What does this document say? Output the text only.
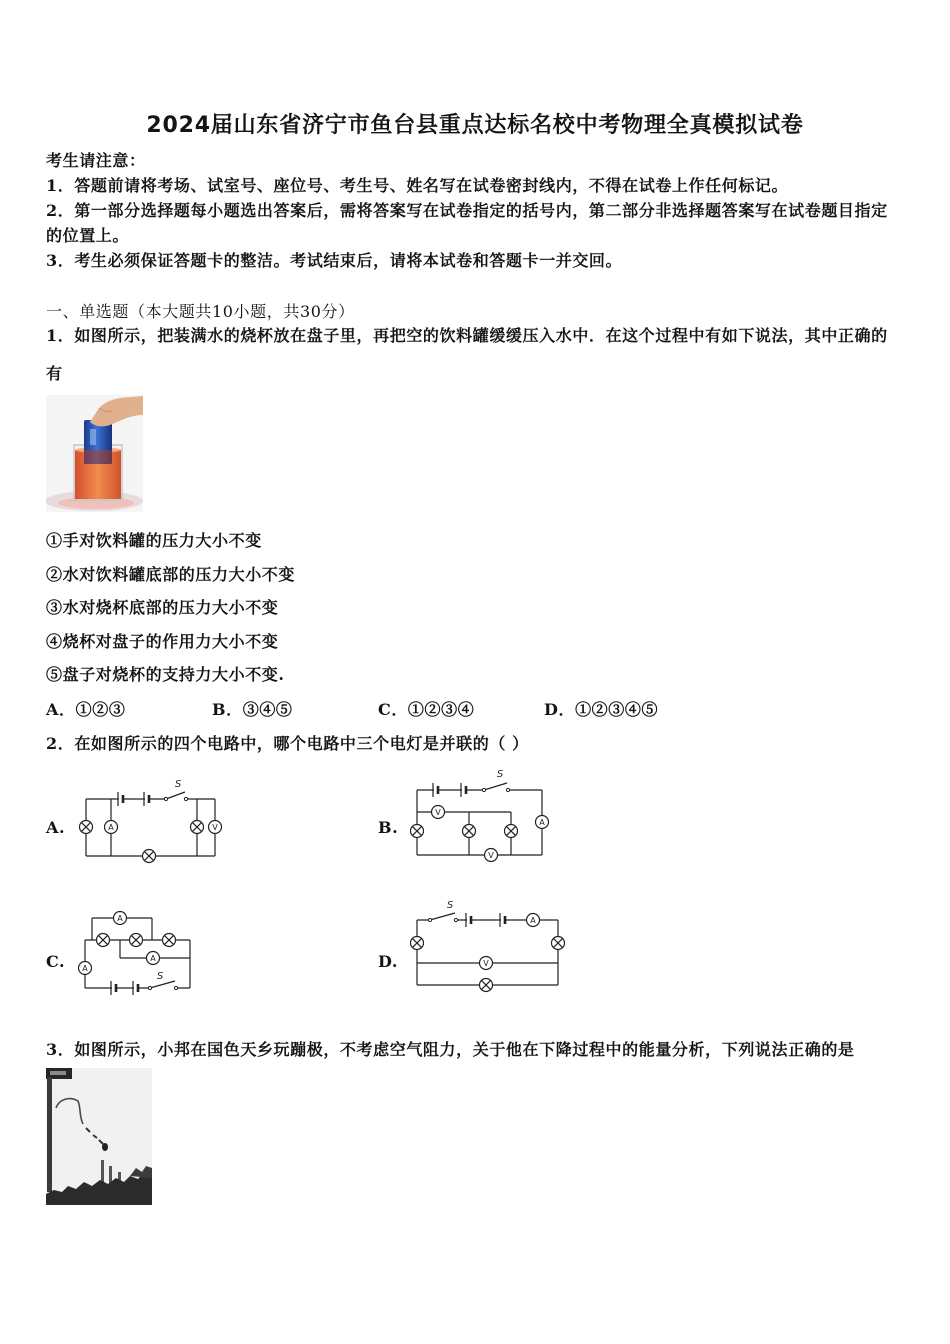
2024届山东省济宁市鱼台县重点达标名校中考物理全真模拟试卷
考生请注意：
1．答题前请将考场、试室号、座位号、考生号、姓名写在试卷密封线内，不得在试卷上作任何标记。
2．第一部分选择题每小题选出答案后，需将答案写在试卷指定的括号内，第二部分非选择题答案写在试卷题目指定的位置上。
3．考生必须保证答题卡的整洁。考试结束后，请将本试卷和答题卡一并交回。
一、单选题（本大题共10小题，共30分）
1．如图所示，把装满水的烧杯放在盘子里，再把空的饮料罐缓缓压入水中．在这个过程中有如下说法，其中正确的有
①手对饮料罐的压力大小不变
②水对饮料罐底部的压力大小不变
③水对烧杯底部的压力大小不变
④烧杯对盘子的作用力大小不变
⑤盘子对烧杯的支持力大小不变.
A．①②③	B．③④⑤	C．①②③④	D．①②③④⑤
2．在如图所示的四个电路中，哪个电路中三个电灯是并联的（ ）
A.	B.
C.	D.
S
A	V
S
V
V
A
S
A
A
A
S
A
V
3．如图所示，小邦在国色天乡玩蹦极，不考虑空气阻力，关于他在下降过程中的能量分析，下列说法正确的是
